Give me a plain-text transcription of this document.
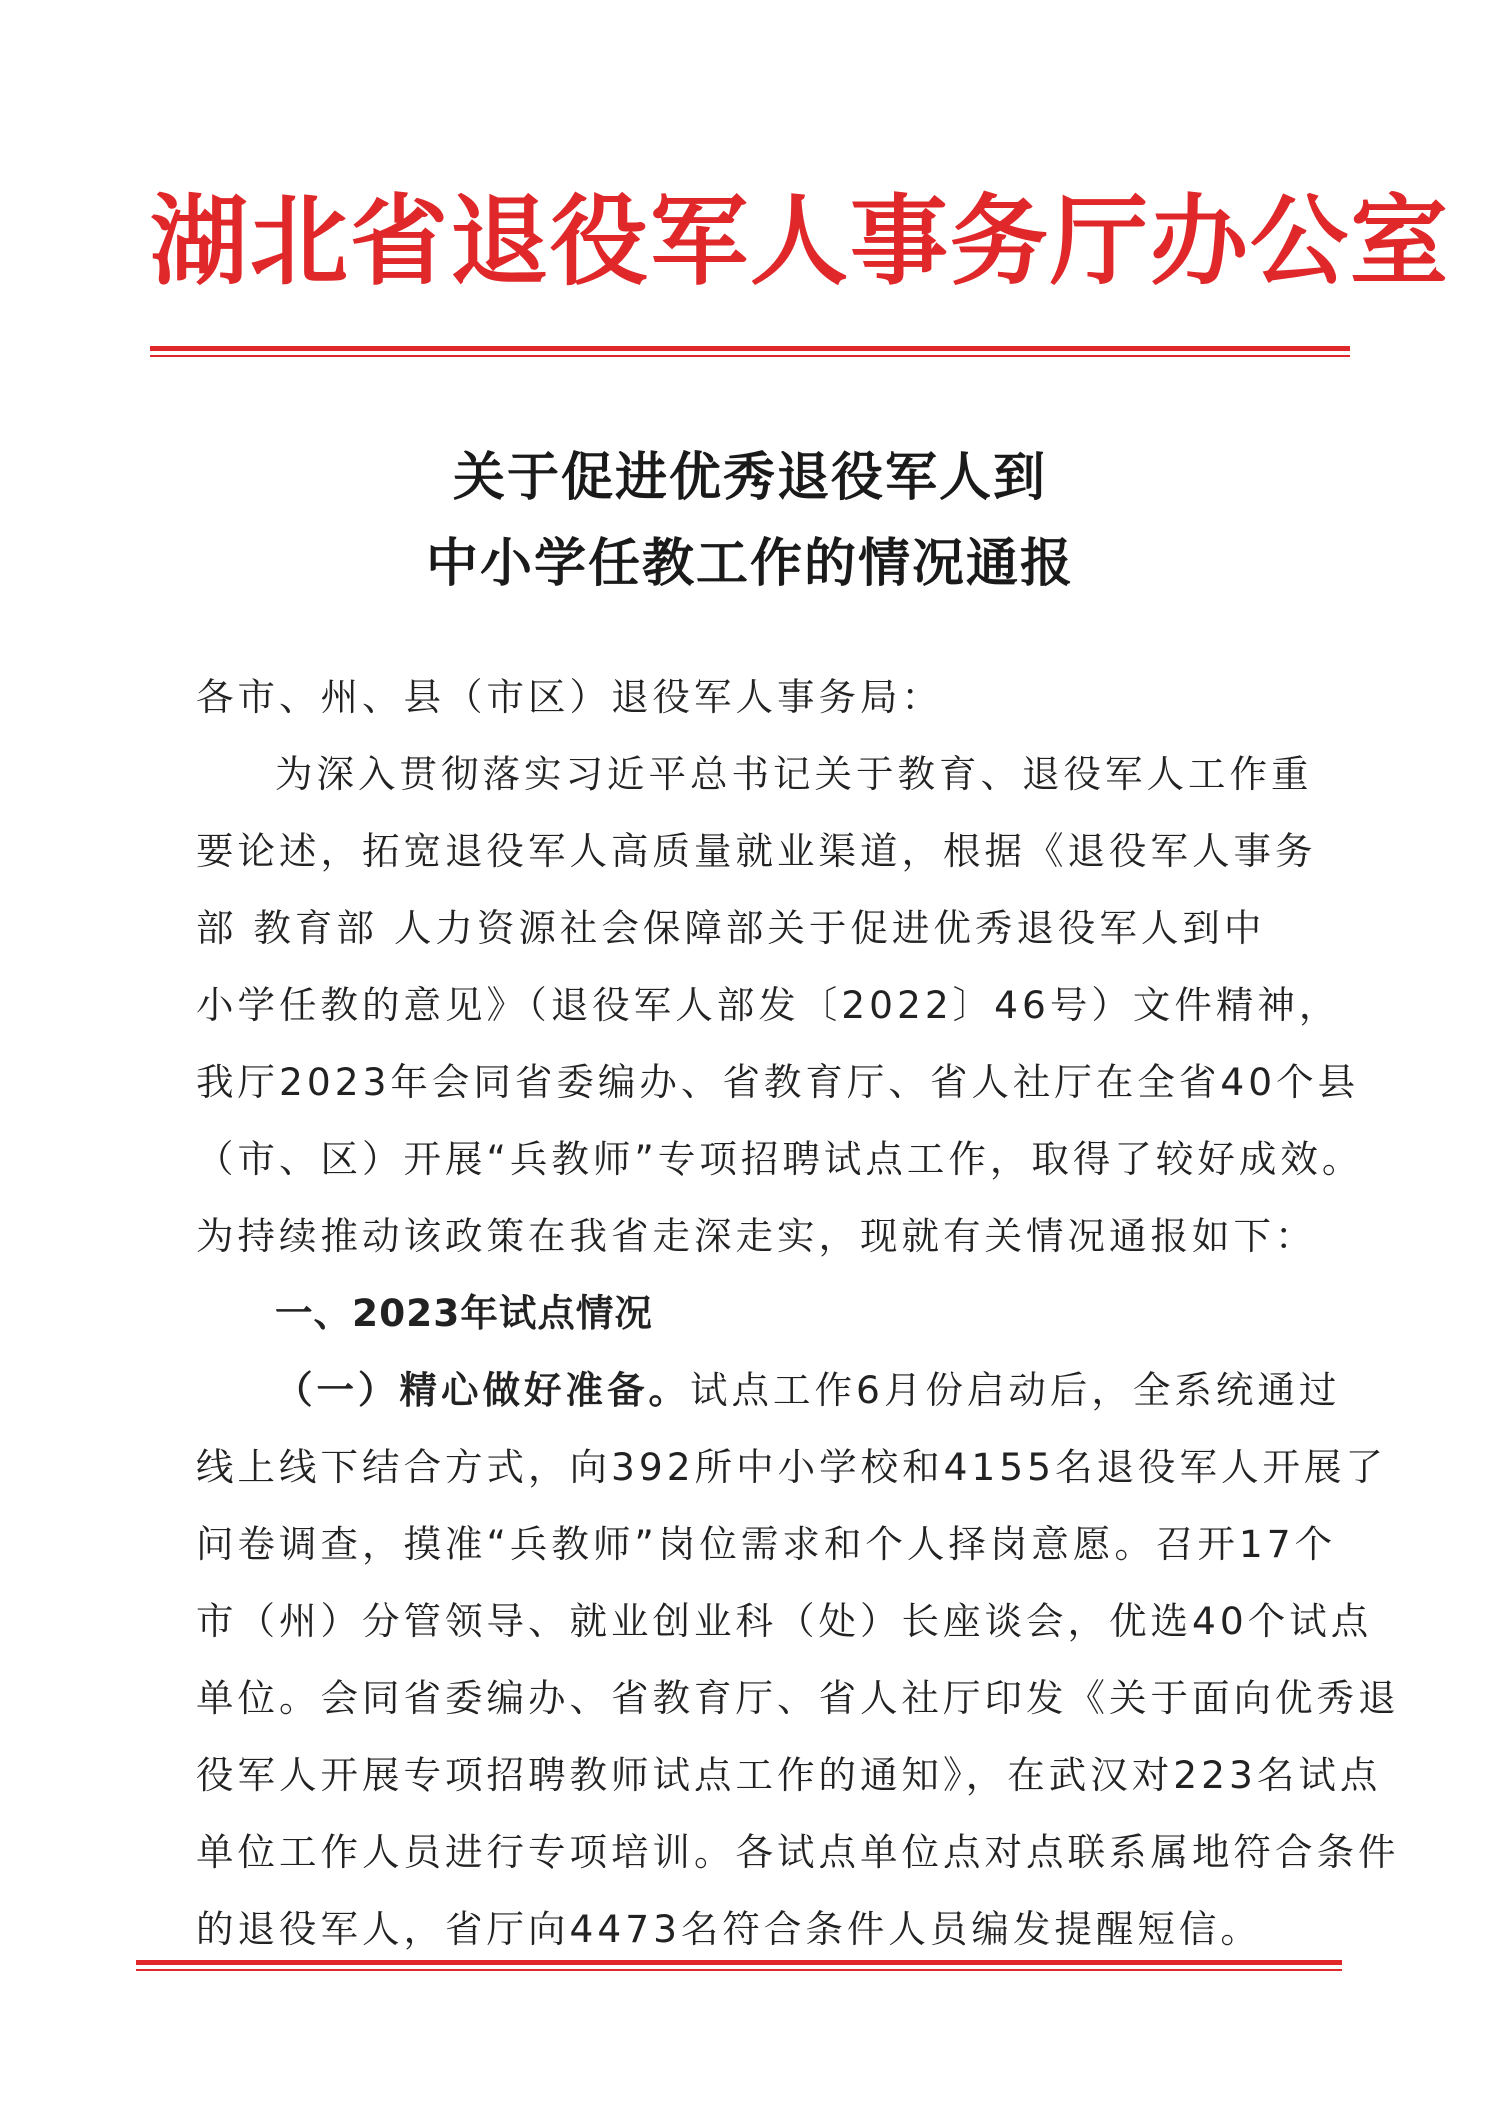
湖北省退役军人事务厅办公室
关于促进优秀退役军人到
中小学任教工作的情况通报
各市、州、县（市区）退役军人事务局：
为深入贯彻落实习近平总书记关于教育、退役军人工作重
要论述，拓宽退役军人高质量就业渠道，根据《退役军人事务
部 教育部 人力资源社会保障部关于促进优秀退役军人到中
小学任教的意见》（退役军人部发〔2022〕46号）文件精神，
我厅2023年会同省委编办、省教育厅、省人社厅在全省40个县
（市、区）开展“兵教师”专项招聘试点工作，取得了较好成效。
为持续推动该政策在我省走深走实，现就有关情况通报如下：
一、2023年试点情况
（一）精心做好准备。试点工作6月份启动后，全系统通过
线上线下结合方式，向392所中小学校和4155名退役军人开展了
问卷调查，摸准“兵教师”岗位需求和个人择岗意愿。召开17个
市（州）分管领导、就业创业科（处）长座谈会，优选40个试点
单位。会同省委编办、省教育厅、省人社厅印发《关于面向优秀退
役军人开展专项招聘教师试点工作的通知》，在武汉对223名试点
单位工作人员进行专项培训。各试点单位点对点联系属地符合条件
的退役军人，省厅向4473名符合条件人员编发提醒短信。
